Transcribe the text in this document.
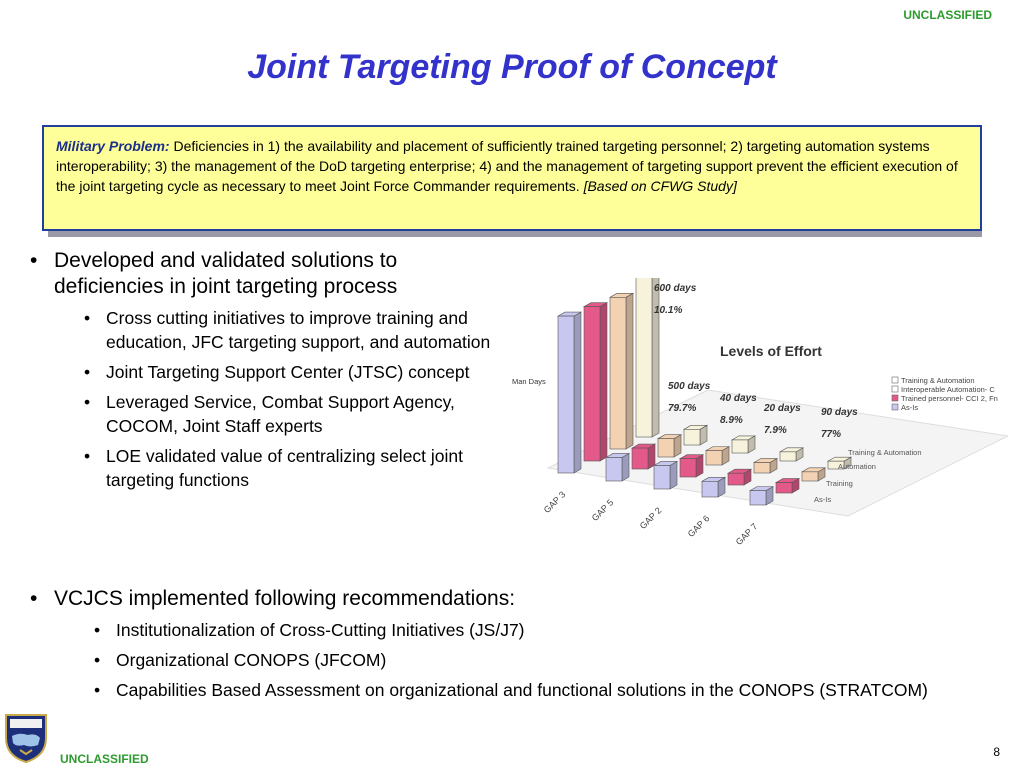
UNCLASSIFIED
Joint Targeting Proof of Concept
Military Problem: Deficiencies in 1) the availability and placement of sufficiently trained targeting personnel; 2) targeting automation systems interoperability; 3) the management of the DoD targeting enterprise; 4) and the management of targeting support prevent the efficient execution of the joint targeting cycle as necessary to meet Joint Force Commander requirements. [Based on CFWG Study]
• Developed and validated solutions to deficiencies in joint targeting process
• Cross cutting initiatives to improve training and education, JFC targeting support, and automation
• Joint Targeting Support Center (JTSC) concept
• Leveraged Service, Combat Support Agency, COCOM, Joint Staff experts
• LOE validated value of centralizing select joint targeting functions
GAP 3 GAP 5 GAP 2 GAP 6 GAP 7
Training & Automation
Automation
Training
As-Is
Man Days
Levels of Effort
600 days
10.1%
500 days
79.7%
40 days
8.9%
20 days
7.9%
90 days
77%
Training & Automation
Interoperable Automation- C
Trained personnel- CCI 2, Fn
As-Is
• VCJCS implemented following recommendations:
• Institutionalization of Cross-Cutting Initiatives (JS/J7)
• Organizational CONOPS (JFCOM)
• Capabilities Based Assessment on organizational and functional solutions in the CONOPS (STRATCOM)
UNCLASSIFIED	8
